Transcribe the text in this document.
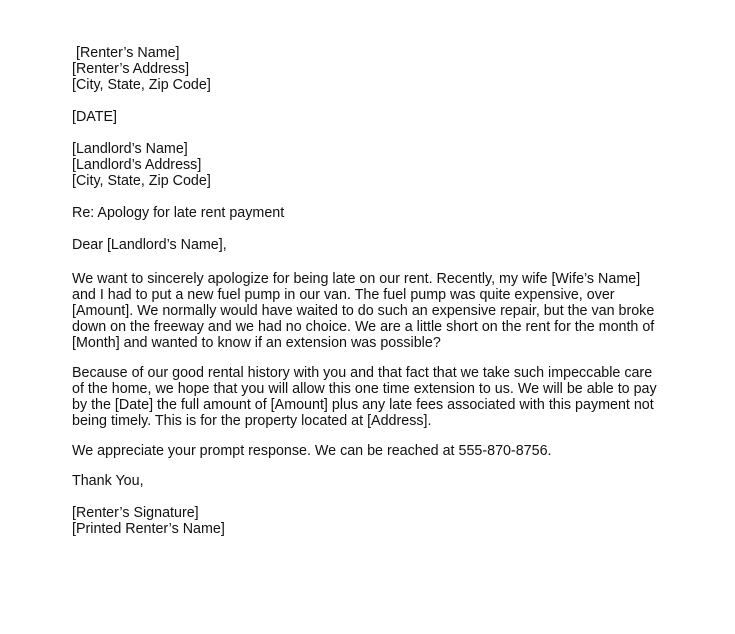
[Renter’s Name]
[Renter’s Address]
[City, State, Zip Code]
[DATE]
[Landlord’s Name]
[Landlord’s Address]
[City, State, Zip Code]
Re: Apology for late rent payment
Dear [Landlord’s Name],

We want to sincerely apologize for being late on our rent. Recently, my wife [Wife’s Name] and I had to put a new fuel pump in our van. The fuel pump was quite expensive, over [Amount]. We normally would have waited to do such an expensive repair, but the van broke down on the freeway and we had no choice. We are a little short on the rent for the month of [Month] and wanted to know if an extension was possible?

Because of our good rental history with you and that fact that we take such impeccable care of the home, we hope that you will allow this one time extension to us. We will be able to pay by the [Date] the full amount of [Amount] plus any late fees associated with this payment not being timely. This is for the property located at [Address].

We appreciate your prompt response. We can be reached at 555-870-8756.

Thank You,
[Renter’s Signature]
[Printed Renter’s Name]
